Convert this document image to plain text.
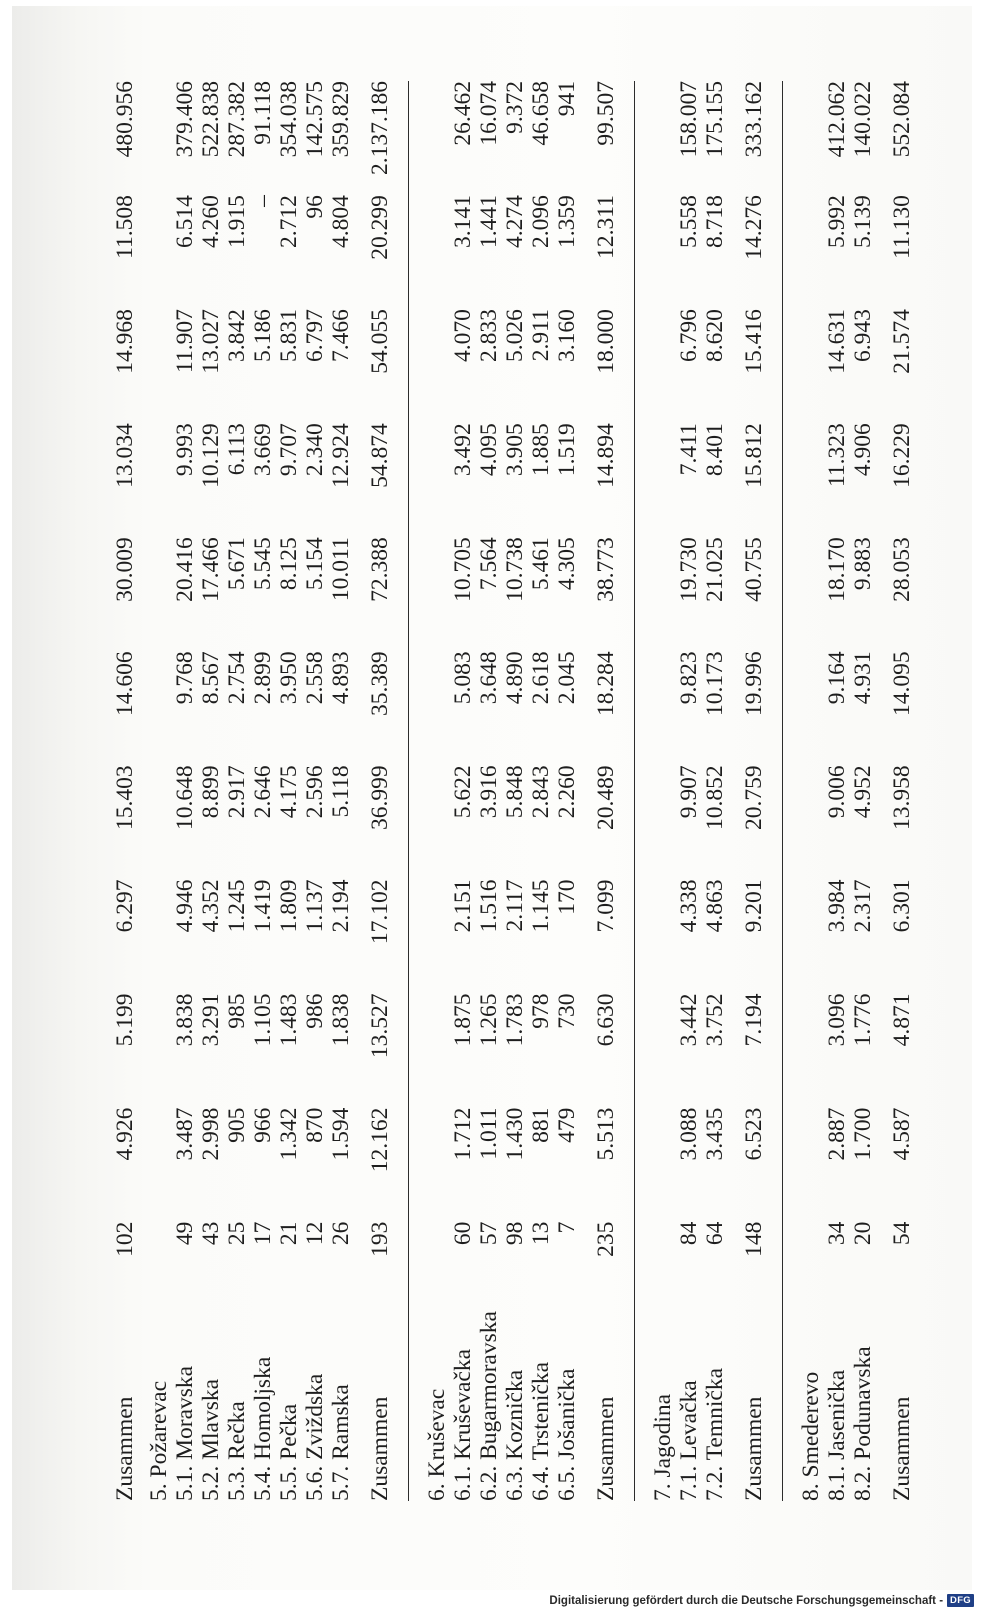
Zusammen	102	4.926	5.199	6.297	15.403	14.606	30.009	13.034	14.968	11.508	480.956
5. Požarevac											
5.1. Moravska	49	3.487	3.838	4.946	10.648	9.768	20.416	9.993	11.907	6.514	379.406
5.2. Mlavska	43	2.998	3.291	4.352	8.899	8.567	17.466	10.129	13.027	4.260	522.838
5.3. Rečka	25	905	985	1.245	2.917	2.754	5.671	6.113	3.842	1.915	287.382
5.4. Homoljska	17	966	1.105	1.419	2.646	2.899	5.545	3.669	5.186	–	91.118
5.5. Pečka	21	1.342	1.483	1.809	4.175	3.950	8.125	9.707	5.831	2.712	354.038
5.6. Zviždska	12	870	986	1.137	2.596	2.558	5.154	2.340	6.797	96	142.575
5.7. Ramska	26	1.594	1.838	2.194	5.118	4.893	10.011	12.924	7.466	4.804	359.829

Zusammen	193	12.162	13.527	17.102	36.999	35.389	72.388	54.874	54.055	20.299	2.137.186
6. Kruševac											
6.1. Kruševačka	60	1.712	1.875	2.151	5.622	5.083	10.705	3.492	4.070	3.141	26.462
6.2. Bugarmoravska	57	1.011	1.265	1.516	3.916	3.648	7.564	4.095	2.833	1.441	16.074
6.3. Koznička	98	1.430	1.783	2.117	5.848	4.890	10.738	3.905	5.026	4.274	9.372
6.4. Trstenička	13	881	978	1.145	2.843	2.618	5.461	1.885	2.911	2.096	46.658
6.5. Jošanička	7	479	730	170	2.260	2.045	4.305	1.519	3.160	1.359	941

Zusammen	235	5.513	6.630	7.099	20.489	18.284	38.773	14.894	18.000	12.311	99.507
7. Jagodina											
7.1. Levačka	84	3.088	3.442	4.338	9.907	9.823	19.730	7.411	6.796	5.558	158.007
7.2. Temnička	64	3.435	3.752	4.863	10.852	10.173	21.025	8.401	8.620	8.718	175.155

Zusammen	148	6.523	7.194	9.201	20.759	19.996	40.755	15.812	15.416	14.276	333.162
8. Smederevo											
8.1. Jasenička	34	2.887	3.096	3.984	9.006	9.164	18.170	11.323	14.631	5.992	412.062
8.2. Podunavska	20	1.700	1.776	2.317	4.952	4.931	9.883	4.906	6.943	5.139	140.022

Zusammen	54	4.587	4.871	6.301	13.958	14.095	28.053	16.229	21.574	11.130	552.084
Digitalisierung gefördert durch die Deutsche Forschungsgemeinschaft - DFG
